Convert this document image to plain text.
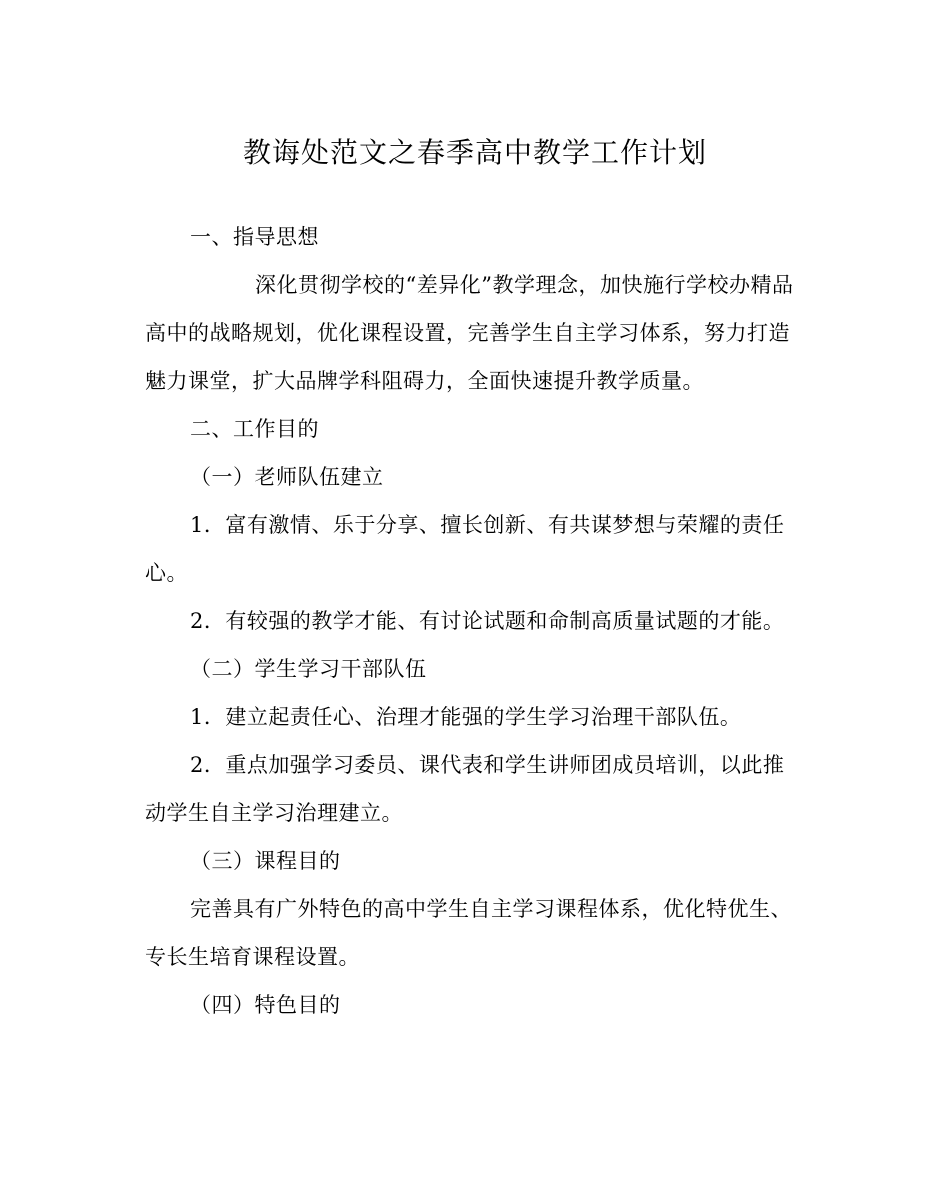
教诲处范文之春季高中教学工作计划
一、指导思想
深化贯彻学校的“差异化”教学理念，加快施行学校办精品
高中的战略规划，优化课程设置，完善学生自主学习体系，努力打造
魅力课堂，扩大品牌学科阻碍力，全面快速提升教学质量。
二、工作目的
（一）老师队伍建立
1．富有激情、乐于分享、擅长创新、有共谋梦想与荣耀的责任
心。
2．有较强的教学才能、有讨论试题和命制高质量试题的才能。
（二）学生学习干部队伍
1．建立起责任心、治理才能强的学生学习治理干部队伍。
2．重点加强学习委员、课代表和学生讲师团成员培训，以此推
动学生自主学习治理建立。
（三）课程目的
完善具有广外特色的高中学生自主学习课程体系，优化特优生、
专长生培育课程设置。
（四）特色目的
